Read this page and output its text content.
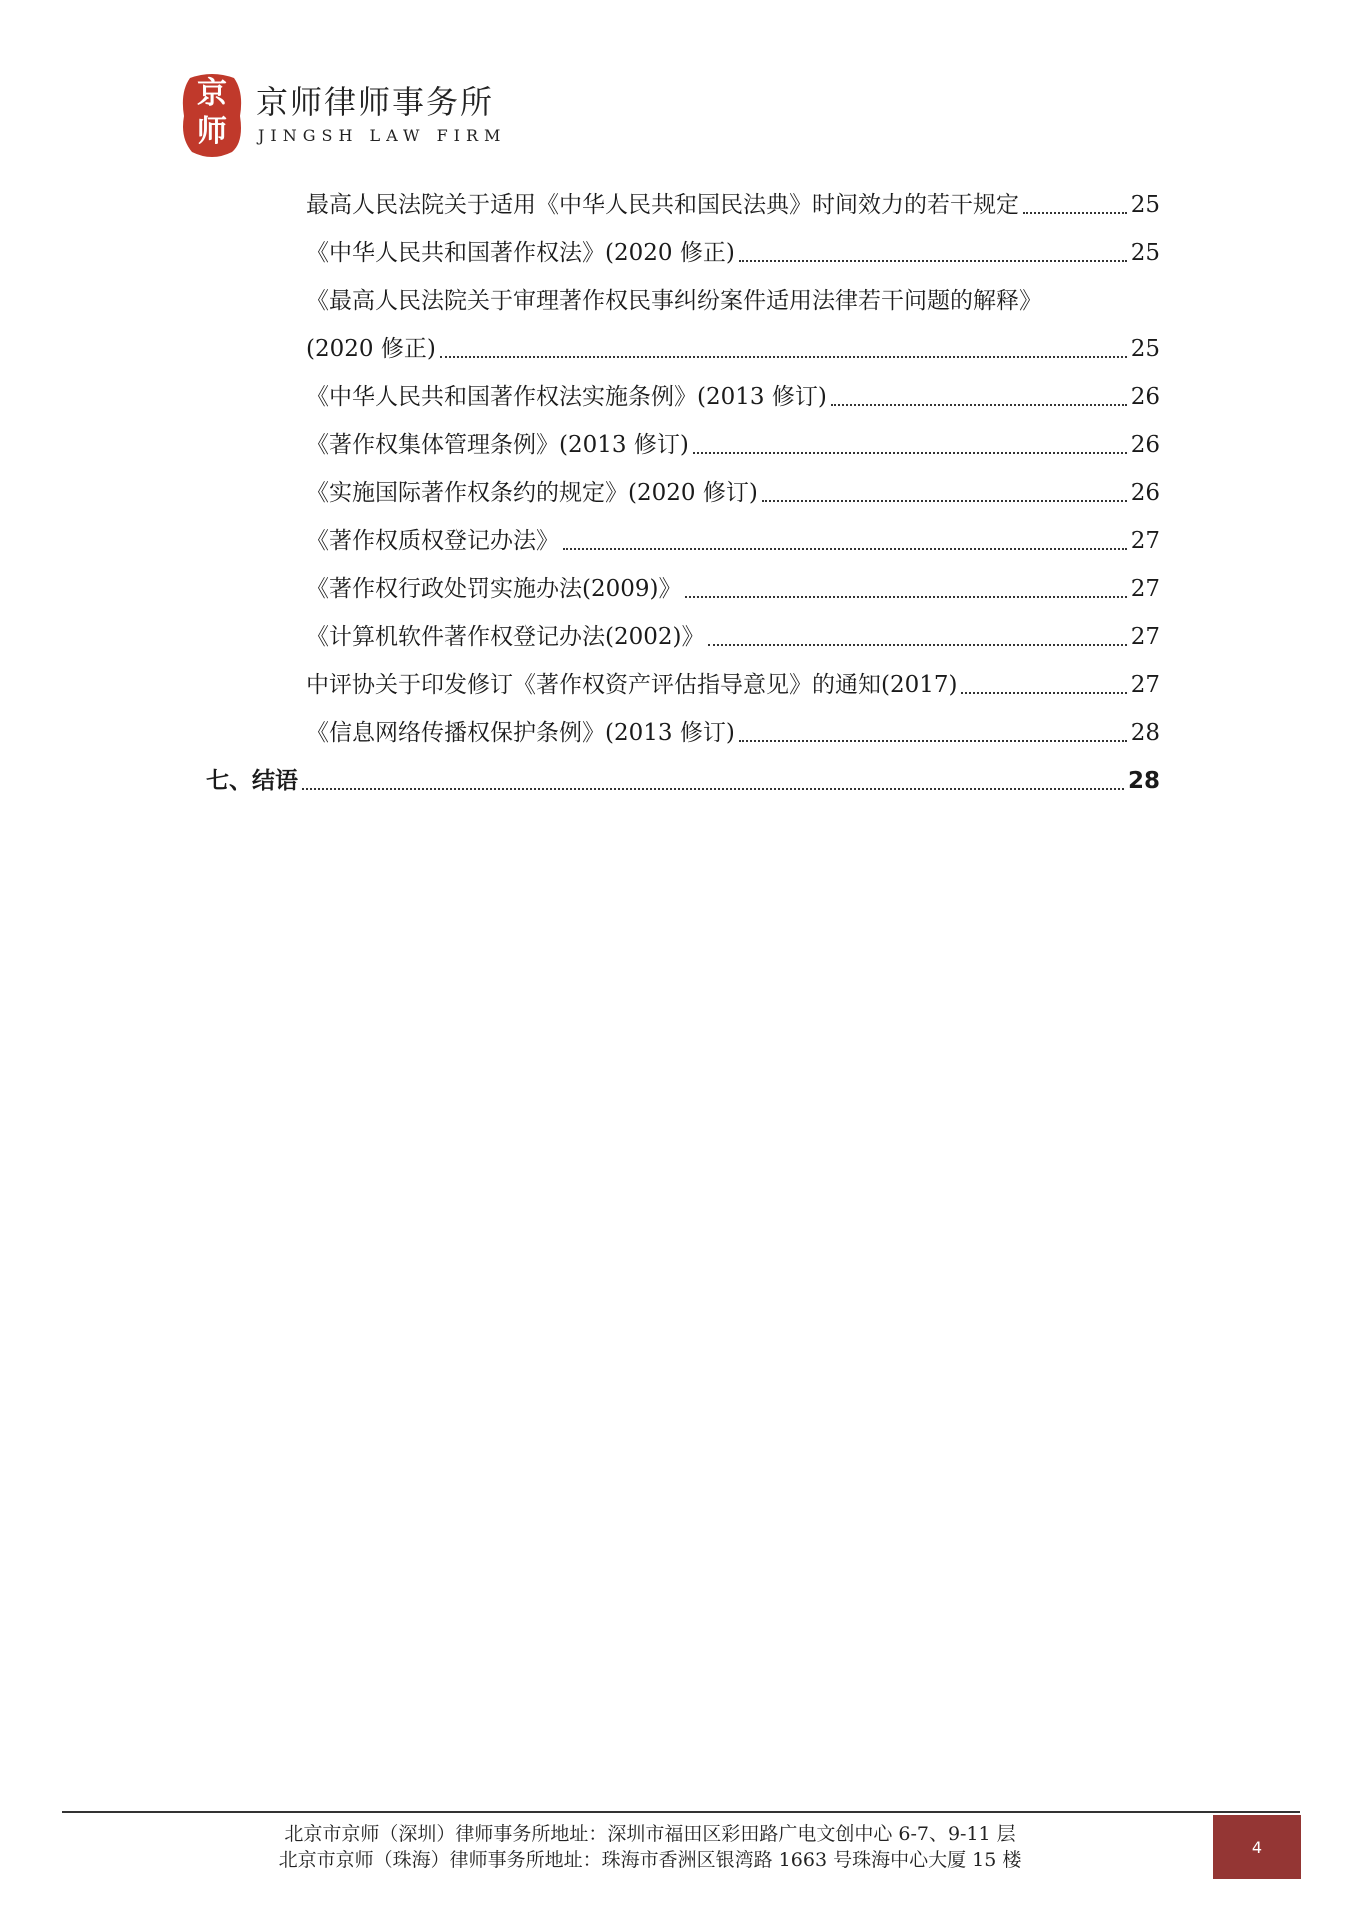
京
师
京师律师事务所
JINGSH LAW FIRM
最高人民法院关于适用《中华人民共和国民法典》时间效力的若干规定	25
《中华人民共和国著作权法》(2020 修正)	25
《最高人民法院关于审理著作权民事纠纷案件适用法律若干问题的解释》
(2020 修正)	25
《中华人民共和国著作权法实施条例》(2013 修订)	26
《著作权集体管理条例》(2013 修订)	26
《实施国际著作权条约的规定》(2020 修订)	26
《著作权质权登记办法》	27
《著作权行政处罚实施办法(2009)》	27
《计算机软件著作权登记办法(2002)》	27
中评协关于印发修订《著作权资产评估指导意见》的通知(2017)	27
《信息网络传播权保护条例》(2013 修订)	28
七、结语	28
北京市京师（深圳）律师事务所地址：深圳市福田区彩田路广电文创中心 6-7、9-11 层
北京市京师（珠海）律师事务所地址：珠海市香洲区银湾路 1663 号珠海中心大厦 15 楼
4
